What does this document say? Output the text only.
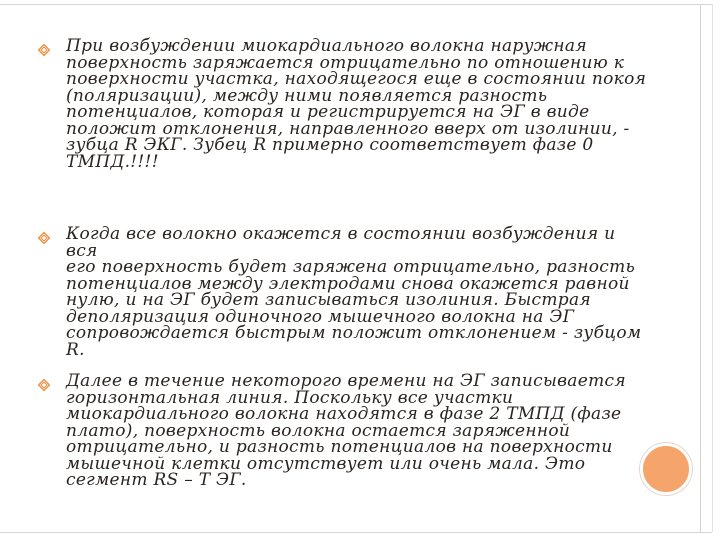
При возбуждении миокардиального волокна наружная
поверхность заряжается отрицательно по отношению к
поверхности участка, находящегося еще в состоянии покоя
(поляризации), между ними появляется разность
потенциалов, которая и регистрируется на ЭГ в виде
положит отклонения, направленного вверх от изолинии, -
зубца R ЭКГ. Зубец R примерно соответствует фазе 0
ТМПД.!!!!
Когда все волокно окажется в состоянии возбуждения и вся
его поверхность будет заряжена отрицательно, разность
потенциалов между электродами снова окажется равной
нулю, и на ЭГ будет записываться изолиния. Быстрая
деполяризация одиночного мышечного волокна на ЭГ
сопровождается быстрым положит отклонением - зубцом R.
Далее в течение некоторого времени на ЭГ записывается
горизонтальная линия. Поскольку все участки
миокардиального волокна находятся в фазе 2 ТМПД (фазе
плато), поверхность волокна остается заряженной
отрицательно, и разность потенциалов на поверхности
мышечной клетки отсутствует или очень мала. Это
сегмент RS – T ЭГ.
